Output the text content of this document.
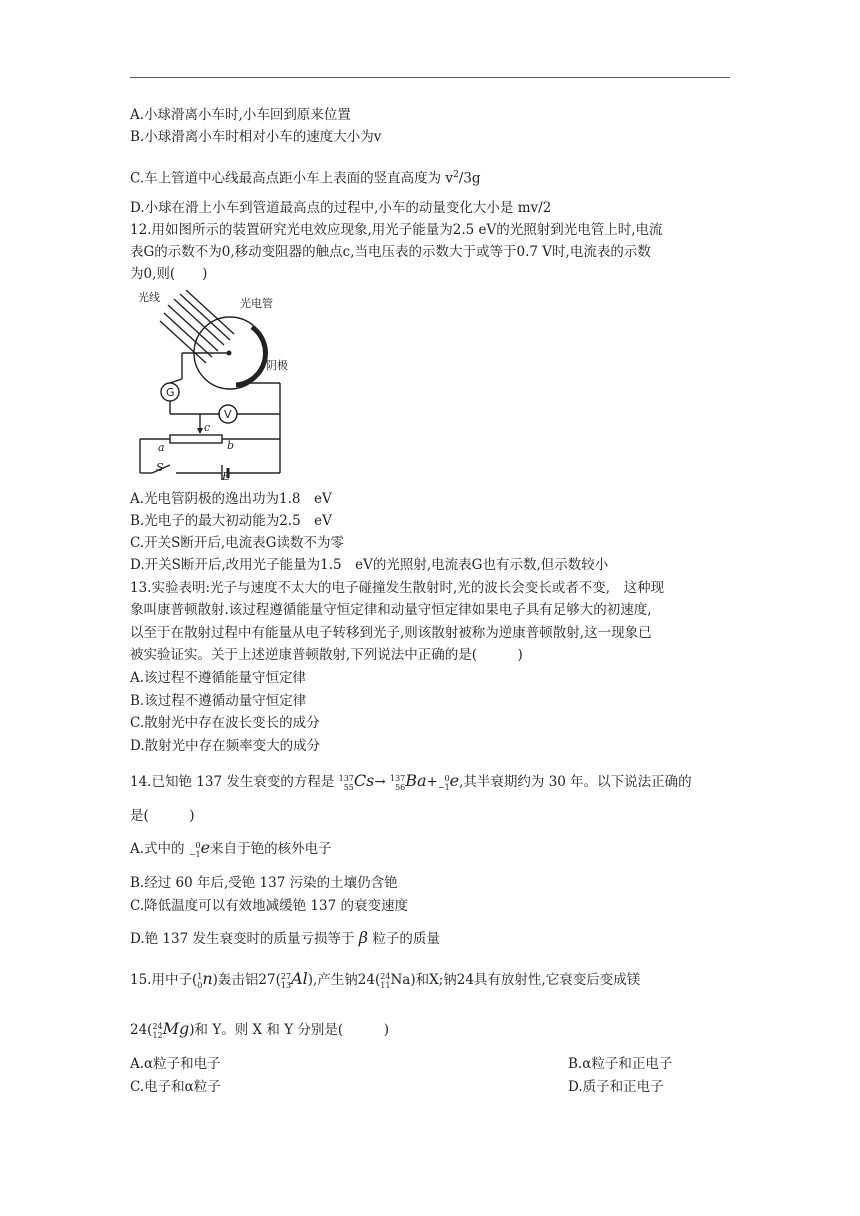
A.小球滑离小车时,小车回到原来位置
B.小球滑离小车时相对小车的速度大小为v
C.车上管道中心线最高点距小车上表面的竖直高度为 $v^2/3g$
D.小球在滑上小车到管道最高点的过程中,小车的动量变化大小是 mv/2
12.用如图所示的装置研究光电效应现象,用光子能量为2.5 eV的光照射到光电管上时,电流
表G的示数不为0,移动变阻器的触点c,当电压表的示数大于或等于0.7 V时,电流表的示数
为0,则(　　)
光线	光电管
阴极
G
V
c
a	b
S
E
A.光电管阴极的逸出功为1.8　eV
B.光电子的最大初动能为2.5　eV
C.开关S断开后,电流表G读数不为零
D.开关S断开后,改用光子能量为1.5　eV的光照射,电流表G也有示数,但示数较小
13.实验表明:光子与速度不太大的电子碰撞发生散射时,光的波长会变长或者不变,　这种现
象叫康普顿散射.该过程遵循能量守恒定律和动量守恒定律如果电子具有足够大的初速度,
以至于在散射过程中有能量从电子转移到光子,则该散射被称为逆康普顿散射,这一现象已
被实验证实。关于上述逆康普顿散射,下列说法中正确的是(　　　)
A.该过程不遵循能量守恒定律
B.该过程不遵循动量守恒定律
C.散射光中存在波长变长的成分
D.散射光中存在频率变大的成分
14.已知铯 137 发生衰变的方程是 137
55 Cs→ 137
56 Ba+ 0
−1 e,其半衰期约为 30 年。以下说法正确的
是(　　　)
A.式中的	0
−1 e来自于铯的核外电子
B.经过 60 年后,受铯 137 污染的土壤仍含铯
C.降低温度可以有效地减缓铯 137 的衰变速度
D.铯 137 发生衰变时的质量亏损等于 β 粒子的质量
15.用中子( 1
0 n)轰击铝27( 27
13 Al),产生钠24( 24
11 Na)和X;钠24具有放射性,它衰变后变成镁
24( 24
12 Mg)和 Y。则 X 和 Y 分别是(　　　)
A.α粒子和电子	B.α粒子和正电子
C.电子和α粒子	D.质子和正电子
